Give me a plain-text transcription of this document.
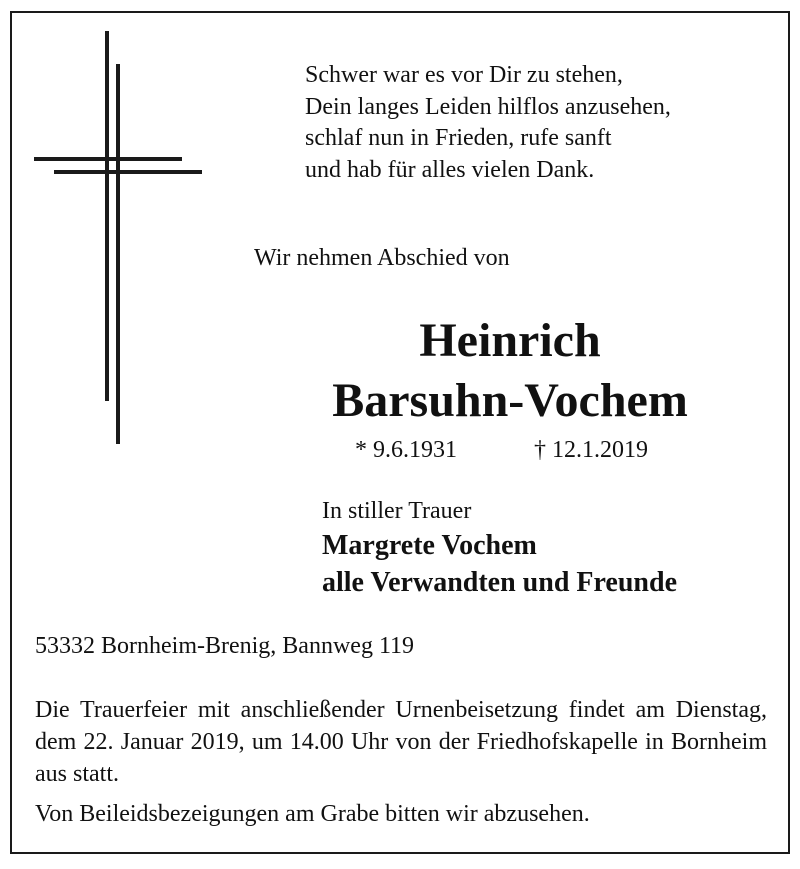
Schwer war es vor Dir zu stehen,
Dein langes Leiden hilflos anzusehen,
schlaf nun in Frieden, rufe sanft
und hab für alles vielen Dank.
Wir nehmen Abschied von
Heinrich
Barsuhn-Vochem
* 9.6.1931	† 12.1.2019
In stiller Trauer
Margrete Vochem
alle Verwandten und Freunde
53332 Bornheim-Brenig, Bannweg 119
Die Trauerfeier mit anschließender Urnenbeisetzung findet am Dienstag, dem 22. Januar 2019, um 14.00 Uhr von der Friedhofskapelle in Bornheim aus statt.
Von Beileidsbezeigungen am Grabe bitten wir abzusehen.
